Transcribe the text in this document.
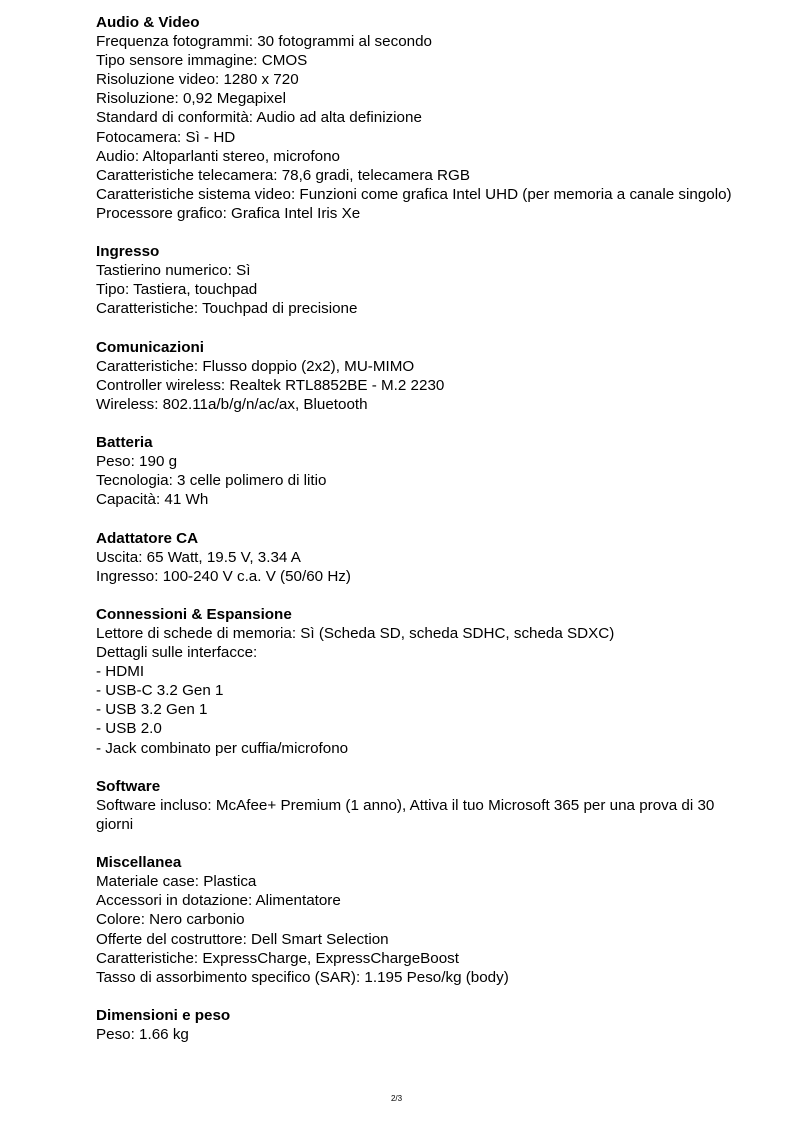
Audio & Video
Frequenza fotogrammi: 30 fotogrammi al secondo
Tipo sensore immagine: CMOS
Risoluzione video: 1280 x 720
Risoluzione: 0,92 Megapixel
Standard di conformità: Audio ad alta definizione
Fotocamera: Sì - HD
Audio: Altoparlanti stereo, microfono
Caratteristiche telecamera: 78,6 gradi, telecamera RGB
Caratteristiche sistema video: Funzioni come grafica Intel UHD (per memoria a canale singolo)
Processore grafico: Grafica Intel Iris Xe
Ingresso
Tastierino numerico: Sì
Tipo: Tastiera, touchpad
Caratteristiche: Touchpad di precisione
Comunicazioni
Caratteristiche: Flusso doppio (2x2), MU-MIMO
Controller wireless: Realtek RTL8852BE - M.2 2230
Wireless: 802.11a/b/g/n/ac/ax, Bluetooth
Batteria
Peso: 190 g
Tecnologia: 3 celle polimero di litio
Capacità: 41 Wh
Adattatore CA
Uscita: 65 Watt, 19.5 V, 3.34 A
Ingresso: 100-240 V c.a. V (50/60 Hz)
Connessioni & Espansione
Lettore di schede di memoria: Sì (Scheda SD, scheda SDHC, scheda SDXC)
Dettagli sulle interfacce:
- HDMI
- USB-C 3.2 Gen 1
- USB 3.2 Gen 1
- USB 2.0
- Jack combinato per cuffia/microfono
Software
Software incluso: McAfee+ Premium (1 anno), Attiva il tuo Microsoft 365 per una prova di 30 giorni
Miscellanea
Materiale case: Plastica
Accessori in dotazione: Alimentatore
Colore: Nero carbonio
Offerte del costruttore: Dell Smart Selection
Caratteristiche: ExpressCharge, ExpressChargeBoost
Tasso di assorbimento specifico (SAR): 1.195 Peso/kg (body)
Dimensioni e peso
Peso: 1.66 kg
2/3
